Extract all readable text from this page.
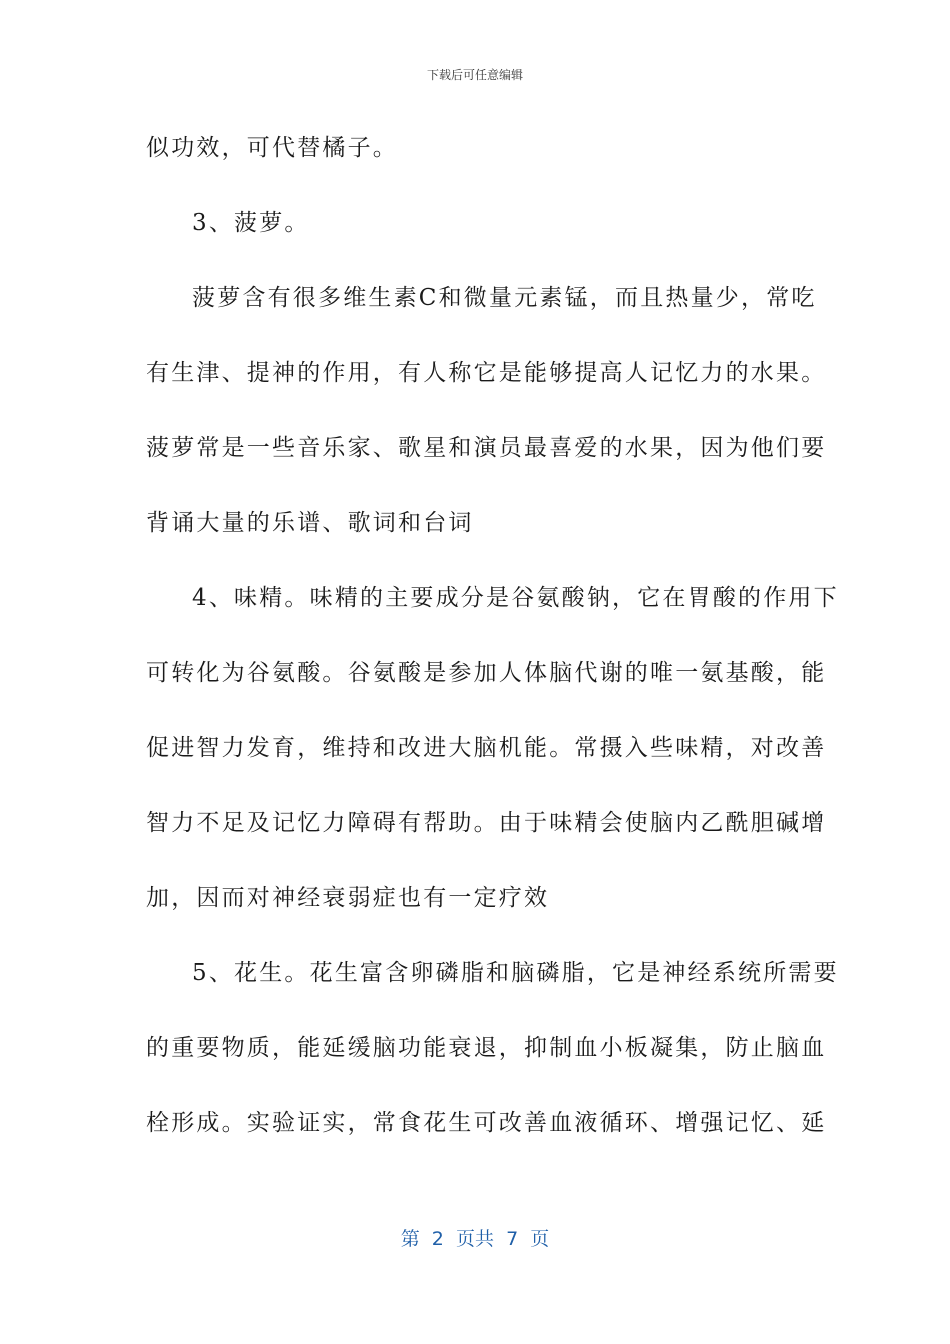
下载后可任意编辑
似功效，可代替橘子。
3、菠萝。
菠萝含有很多维生素C和微量元素锰，而且热量少，常吃
有生津、提神的作用，有人称它是能够提高人记忆力的水果。
菠萝常是一些音乐家、歌星和演员最喜爱的水果，因为他们要
背诵大量的乐谱、歌词和台词
4、味精。味精的主要成分是谷氨酸钠，它在胃酸的作用下
可转化为谷氨酸。谷氨酸是参加人体脑代谢的唯一氨基酸，能
促进智力发育，维持和改进大脑机能。常摄入些味精，对改善
智力不足及记忆力障碍有帮助。由于味精会使脑内乙酰胆碱增
加，因而对神经衰弱症也有一定疗效
5、花生。花生富含卵磷脂和脑磷脂，它是神经系统所需要
的重要物质，能延缓脑功能衰退，抑制血小板凝集，防止脑血
栓形成。实验证实，常食花生可改善血液循环、增强记忆、延
第 2 页共 7 页
